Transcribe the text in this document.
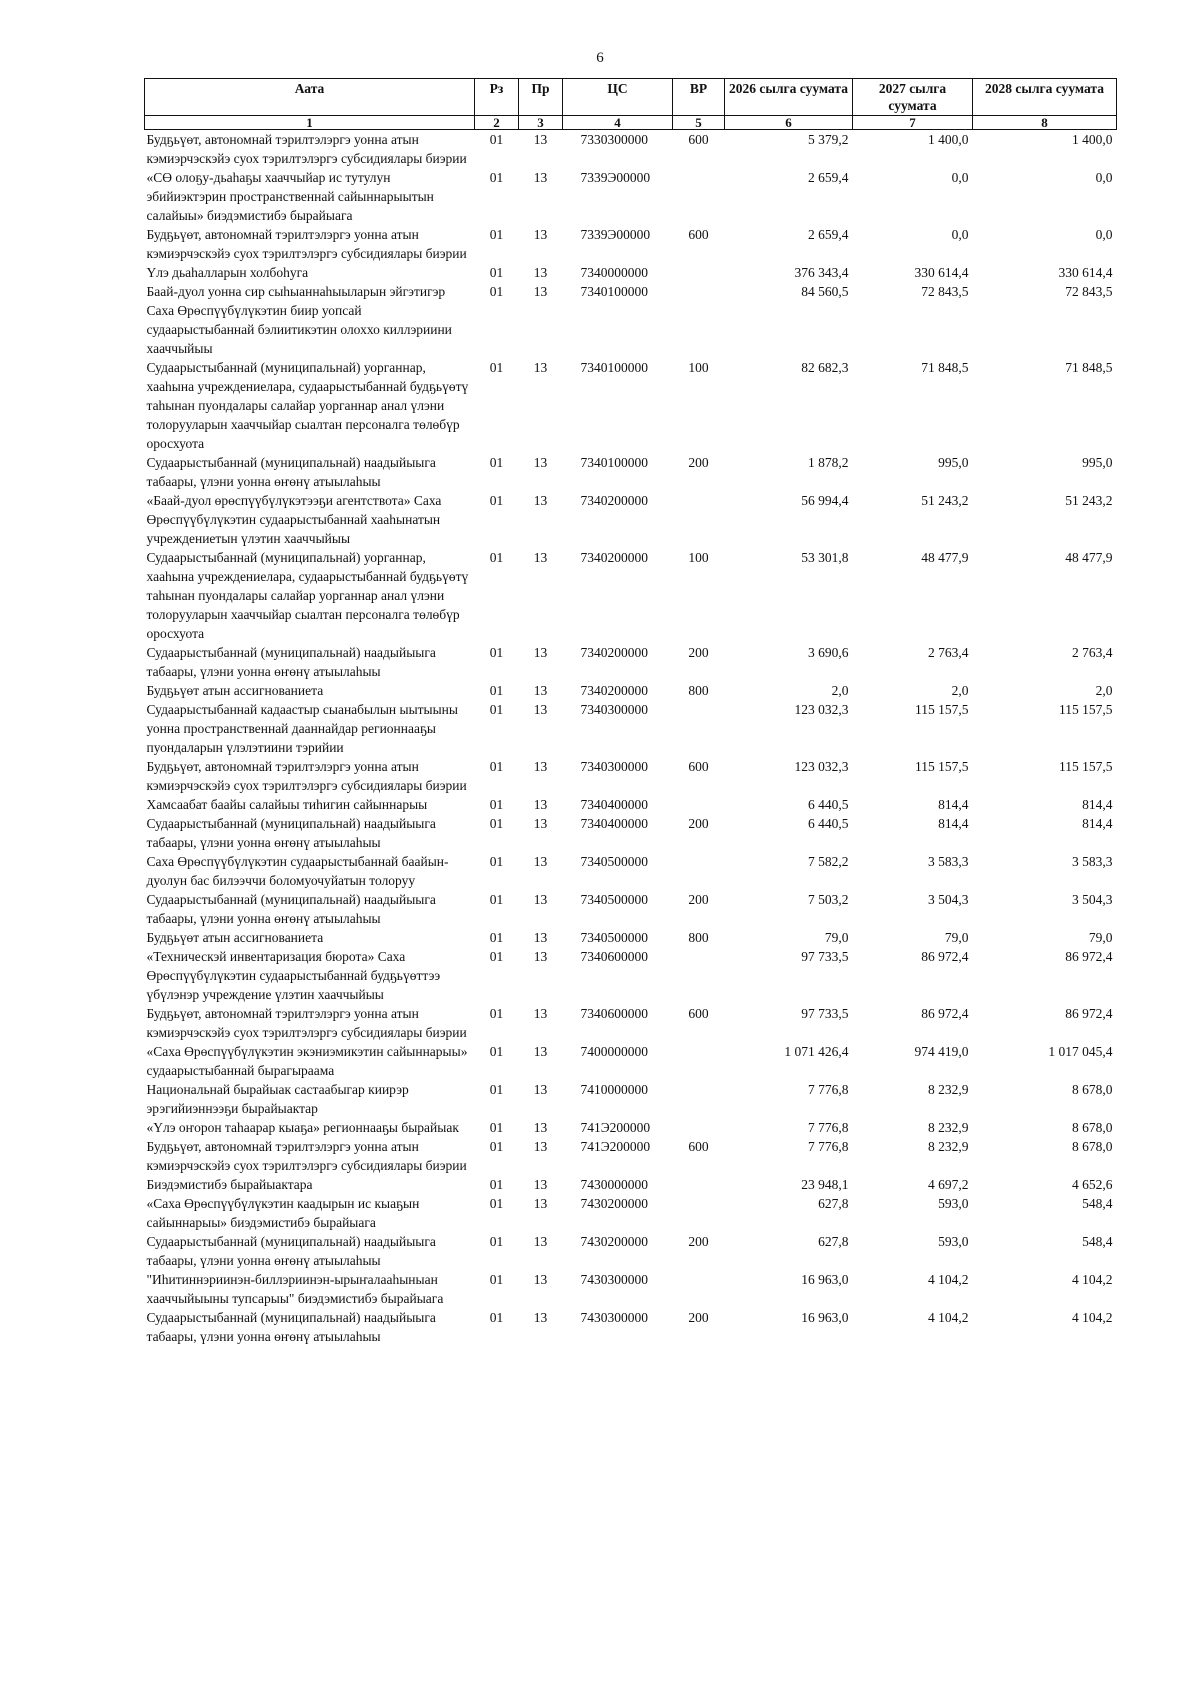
6
Аата	Рз	Пр	ЦС	ВР	2026 сылга суумата	2027 сылга суумата	2028 сылга суумата
1	2	3	4	5	6	7	8
Будҕьүөт, автономнай тэрилтэлэргэ уонна атын кэмиэрчэскэйэ суох тэрилтэлэргэ субсидиялары биэрии	01	13	7330300000	600	5 379,2	1 400,0	1 400,0
«СӨ олоҕу-дьаһаҕы хааччыйар ис тутулун эбийиэктэрин пространственнай сайыннарыытын салайыы» биэдэмистибэ бырайыага	01	13	7339Э00000		2 659,4	0,0	0,0
Будҕьүөт, автономнай тэрилтэлэргэ уонна атын кэмиэрчэскэйэ суох тэрилтэлэргэ субсидиялары биэрии	01	13	7339Э00000	600	2 659,4	0,0	0,0
Үлэ дьаһалларын холбоһуга	01	13	7340000000		376 343,4	330 614,4	330 614,4
Баай-дуол уонна сир сыһыаннаһыыларын эйгэтигэр Саха Өрөспүүбүлүкэтин биир уопсай судаарыстыбаннай бэлиитикэтин олоххо киллэриини хааччыйыы	01	13	7340100000		84 560,5	72 843,5	72 843,5
Судаарыстыбаннай (муниципальнай) уорганнар, хааһына учреждениелара, судаарыстыбаннай будҕьүөтү таһынан пуондалары салайар уорганнар анал үлэни толорууларын хааччыйар сыалтан персоналга төлөбүр оросхуота	01	13	7340100000	100	82 682,3	71 848,5	71 848,5
Судаарыстыбаннай (муниципальнай) наадыйыыга табаары, үлэни уонна өҥөнү атыылаһыы	01	13	7340100000	200	1 878,2	995,0	995,0
«Баай-дуол өрөспүүбүлүкэтээҕи агентствота» Саха Өрөспүүбүлүкэтин судаарыстыбаннай хааһынатын учреждениетын үлэтин хааччыйыы	01	13	7340200000		56 994,4	51 243,2	51 243,2
Судаарыстыбаннай (муниципальнай) уорганнар, хааһына учреждениелара, судаарыстыбаннай будҕьүөтү таһынан пуондалары салайар уорганнар анал үлэни толорууларын хааччыйар сыалтан персоналга төлөбүр оросхуота	01	13	7340200000	100	53 301,8	48 477,9	48 477,9
Судаарыстыбаннай (муниципальнай) наадыйыыга табаары, үлэни уонна өҥөнү атыылаһыы	01	13	7340200000	200	3 690,6	2 763,4	2 763,4
Будҕьүөт атын ассигнованиета	01	13	7340200000	800	2,0	2,0	2,0
Судаарыстыбаннай кадаастыр сыанабылын ыытыыны уонна пространственнай дааннайдар регионнааҕы пуондаларын үлэлэтиини тэрийии	01	13	7340300000		123 032,3	115 157,5	115 157,5
Будҕьүөт, автономнай тэрилтэлэргэ уонна атын кэмиэрчэскэйэ суох тэрилтэлэргэ субсидиялары биэрии	01	13	7340300000	600	123 032,3	115 157,5	115 157,5
Хамсаабат баайы салайыы тиһигин сайыннарыы	01	13	7340400000		6 440,5	814,4	814,4
Судаарыстыбаннай (муниципальнай) наадыйыыга табаары, үлэни уонна өҥөнү атыылаһыы	01	13	7340400000	200	6 440,5	814,4	814,4
Саха Өрөспүүбүлүкэтин судаарыстыбаннай баайын-дуолун бас билээччи боломуочуйатын толоруу	01	13	7340500000		7 582,2	3 583,3	3 583,3
Судаарыстыбаннай (муниципальнай) наадыйыыга табаары, үлэни уонна өҥөнү атыылаһыы	01	13	7340500000	200	7 503,2	3 504,3	3 504,3
Будҕьүөт атын ассигнованиета	01	13	7340500000	800	79,0	79,0	79,0
«Техническэй инвентаризация бюрота» Саха Өрөспүүбүлүкэтин судаарыстыбаннай будҕьүөттээ үбүлэнэр учреждение үлэтин хааччыйыы	01	13	7340600000		97 733,5	86 972,4	86 972,4
Будҕьүөт, автономнай тэрилтэлэргэ уонна атын кэмиэрчэскэйэ суох тэрилтэлэргэ субсидиялары биэрии	01	13	7340600000	600	97 733,5	86 972,4	86 972,4
«Саха Өрөспүүбүлүкэтин экэниэмикэтин сайыннарыы» судаарыстыбаннай бырагыраама	01	13	7400000000		1 071 426,4	974 419,0	1 017 045,4
Национальнай бырайыак састаабыгар киирэр эрэгийиэннээҕи бырайыактар	01	13	7410000000		7 776,8	8 232,9	8 678,0
«Үлэ оҥорон таһаарар кыаҕа» регионнааҕы бырайыак	01	13	741Э200000		7 776,8	8 232,9	8 678,0
Будҕьүөт, автономнай тэрилтэлэргэ уонна атын кэмиэрчэскэйэ суох тэрилтэлэргэ субсидиялары биэрии	01	13	741Э200000	600	7 776,8	8 232,9	8 678,0
Биэдэмистибэ бырайыактара	01	13	7430000000		23 948,1	4 697,2	4 652,6
«Саха Өрөспүүбүлүкэтин каадырын ис кыаҕын сайыннарыы» биэдэмистибэ бырайыага	01	13	7430200000		627,8	593,0	548,4
Судаарыстыбаннай (муниципальнай) наадыйыыга табаары, үлэни уонна өҥөнү атыылаһыы	01	13	7430200000	200	627,8	593,0	548,4
"Иһитиннэриинэн-биллэриинэн-ырыҥалааһыныан хааччыйыыны тупсарыы" биэдэмистибэ бырайыага	01	13	7430300000		16 963,0	4 104,2	4 104,2
Судаарыстыбаннай (муниципальнай) наадыйыыга табаары, үлэни уонна өҥөнү атыылаһыы	01	13	7430300000	200	16 963,0	4 104,2	4 104,2
